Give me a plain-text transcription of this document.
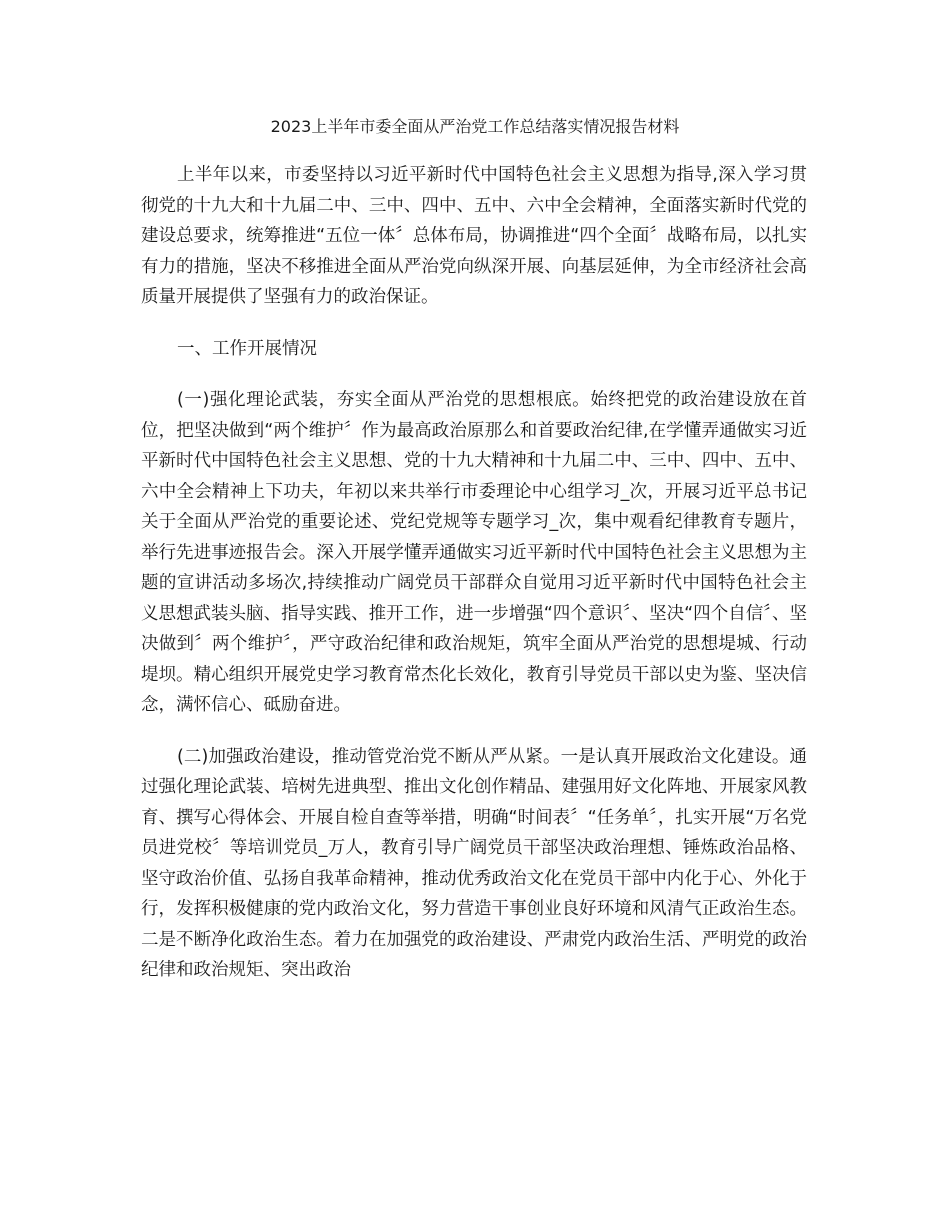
2023上半年市委全面从严治党工作总结落实情况报告材料

上半年以来，市委坚持以习近平新时代中国特色社会主义思想为指导,深入学习贯彻党的十九大和十九届二中、三中、四中、五中、六中全会精神，全面落实新时代党的建设总要求，统筹推进“五位一体〞总体布局，协调推进“四个全面〞战略布局，以扎实有力的措施，坚决不移推进全面从严治党向纵深开展、向基层延伸，为全市经济社会高质量开展提供了坚强有力的政治保证。

一、工作开展情况

(一)强化理论武装，夯实全面从严治党的思想根底。始终把党的政治建设放在首位，把坚决做到“两个维护〞作为最高政治原那么和首要政治纪律,在学懂弄通做实习近平新时代中国特色社会主义思想、党的十九大精神和十九届二中、三中、四中、五中、六中全会精神上下功夫，年初以来共举行市委理论中心组学习_次，开展习近平总书记关于全面从严治党的重要论述、党纪党规等专题学习_次，集中观看纪律教育专题片，举行先进事迹报告会。深入开展学懂弄通做实习近平新时代中国特色社会主义思想为主题的宣讲活动多场次,持续推动广阔党员干部群众自觉用习近平新时代中国特色社会主义思想武装头脑、指导实践、推开工作，进一步增强“四个意识〞、坚决“四个自信〞、坚决做到〞两个维护〞，严守政治纪律和政治规矩，筑牢全面从严治党的思想堤城、行动堤坝。精心组织开展党史学习教育常杰化长效化，教育引导党员干部以史为鉴、坚决信念，满怀信心、砥励奋进。

(二)加强政治建设，推动管党治党不断从严从紧。一是认真开展政治文化建设。通过强化理论武装、培树先进典型、推出文化创作精品、建强用好文化阵地、开展家风教育、撰写心得体会、开展自检自查等举措，明确“时间表〞“任务单〞，扎实开展“万名党员进党校〞等培训党员_万人，教育引导广阔党员干部坚决政治理想、锤炼政治品格、坚守政治价值、弘扬自我革命精神，推动优秀政治文化在党员干部中内化于心、外化于行，发挥积极健康的党内政治文化，努力营造干事创业良好环境和风清气正政治生态。二是不断净化政治生态。着力在加强党的政治建设、严肃党内政治生活、严明党的政治纪律和政治规矩、突出政治
